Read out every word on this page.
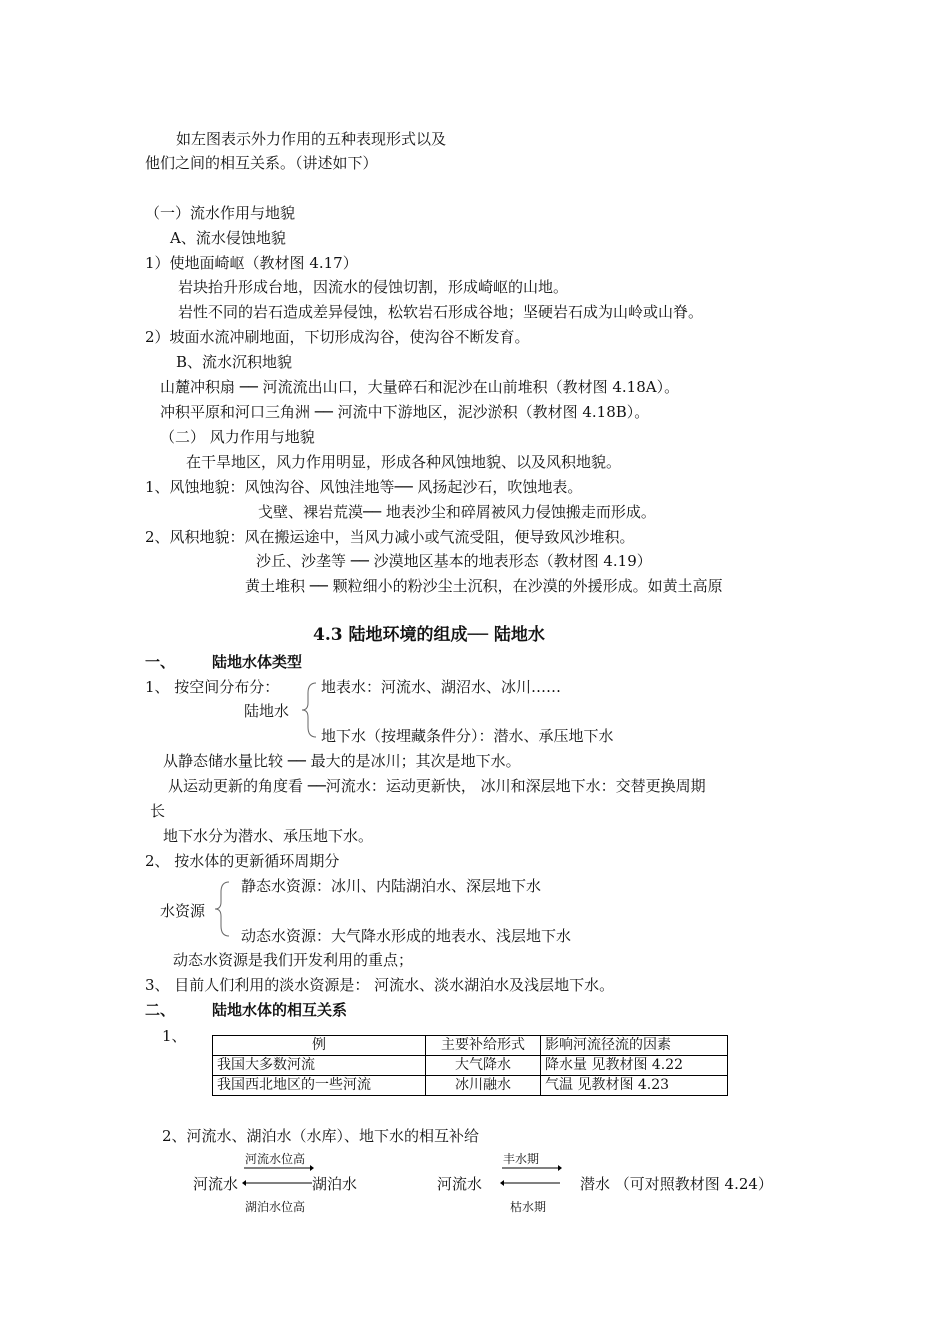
如左图表示外力作用的五种表现形式以及
他们之间的相互关系。（讲述如下）
（一）流水作用与地貌
A、流水侵蚀地貌
1）使地面崎岖（教材图 4.17）
岩块抬升形成台地，因流水的侵蚀切割，形成崎岖的山地。
岩性不同的岩石造成差异侵蚀，松软岩石形成谷地；坚硬岩石成为山岭或山脊。
2）坡面水流冲刷地面，下切形成沟谷，使沟谷不断发育。
B、流水沉积地貌
山麓冲积扇 ── 河流流出山口，大量碎石和泥沙在山前堆积（教材图 4.18A）。
冲积平原和河口三角洲 ── 河流中下游地区，泥沙淤积（教材图 4.18B）。
（二） 风力作用与地貌
在干旱地区，风力作用明显，形成各种风蚀地貌、以及风积地貌。
1、风蚀地貌：风蚀沟谷、风蚀洼地等── 风扬起沙石，吹蚀地表。
戈壁、裸岩荒漠── 地表沙尘和碎屑被风力侵蚀搬走而形成。
2、风积地貌：风在搬运途中，当风力减小或气流受阻，便导致风沙堆积。
沙丘、沙垄等 ── 沙漠地区基本的地表形态（教材图 4.19）
黄土堆积 ── 颗粒细小的粉沙尘土沉积，在沙漠的外援形成。如黄土高原
4.3 陆地环境的组成── 陆地水
一、 陆地水体类型
1、 按空间分布分：	地表水：河流水、湖沼水、冰川……
陆地水
地下水（按埋藏条件分）：潜水、承压地下水
从静态储水量比较 ── 最大的是冰川；其次是地下水。
从运动更新的角度看 ──河流水：运动更新快， 冰川和深层地下水：交替更换周期
长
地下水分为潜水、承压地下水。
2、 按水体的更新循环周期分
静态水资源：冰川、内陆湖泊水、深层地下水
水资源
动态水资源：大气降水形成的地表水、浅层地下水
动态水资源是我们开发利用的重点；
3、 目前人们利用的淡水资源是： 河流水、淡水湖泊水及浅层地下水。
二、 陆地水体的相互关系
1、	例	主要补给形式	影响河流径流的因素
我国大多数河流	大气降水	降水量 见教材图 4.22
我国西北地区的一些河流	冰川融水	气温 见教材图 4.23
2、河流水、湖泊水（水库）、地下水的相互补给
河流水位高
河流水	湖泊水
湖泊水位高
丰水期
河流水	潜水 （可对照教材图 4.24）
枯水期
